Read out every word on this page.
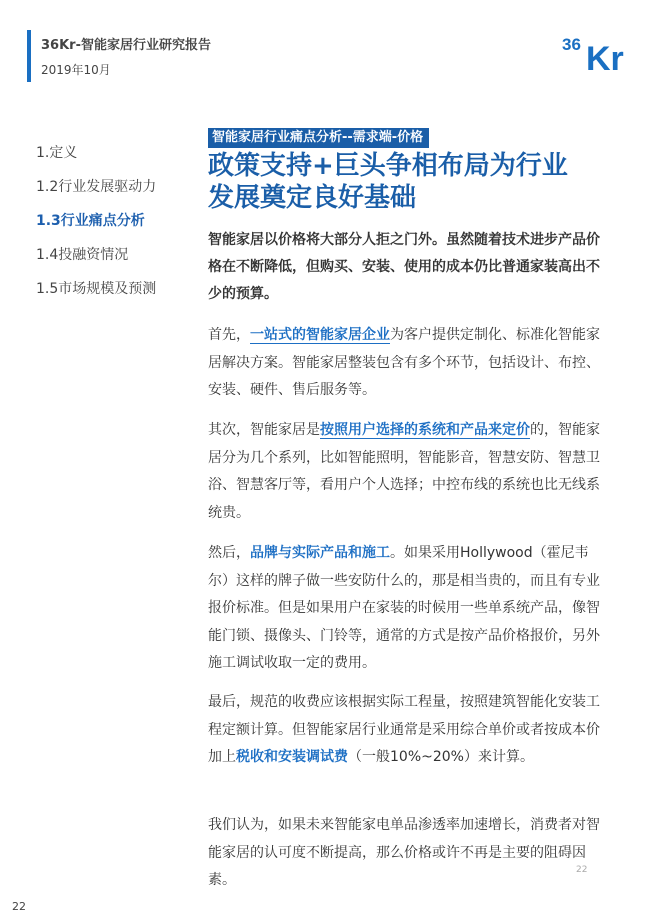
36Kr-智能家居行业研究报告
2019年10月
36 Kr
1.定义
1.2行业发展驱动力
1.3行业痛点分析
1.4投融资情况
1.5市场规模及预测
智能家居行业痛点分析--需求端-价格
政策支持+巨头争相布局为行业
发展奠定良好基础
智能家居以价格将大部分人拒之门外。虽然随着技术进步产品价格在不断降低，但购买、安装、使用的成本仍比普通家装高出不少的预算。
首先，一站式的智能家居企业为客户提供定制化、标准化智能家居解决方案。智能家居整装包含有多个环节，包括设计、布控、安装、硬件、售后服务等。
其次，智能家居是按照用户选择的系统和产品来定价的，智能家居分为几个系列，比如智能照明，智能影音，智慧安防、智慧卫浴、智慧客厅等，看用户个人选择；中控布线的系统也比无线系统贵。
然后，品牌与实际产品和施工。如果采用Hollywood（霍尼韦尔）这样的牌子做一些安防什么的，那是相当贵的，而且有专业报价标准。但是如果用户在家装的时候用一些单系统产品，像智能门锁、摄像头、门铃等，通常的方式是按产品价格报价，另外施工调试收取一定的费用。
最后，规范的收费应该根据实际工程量，按照建筑智能化安装工程定额计算。但智能家居行业通常是采用综合单价或者按成本价加上税收和安装调试费（一般10%~20%）来计算。
我们认为，如果未来智能家电单品渗透率加速增长，消费者对智能家居的认可度不断提高，那么价格或许不再是主要的阻碍因素。
22
22
